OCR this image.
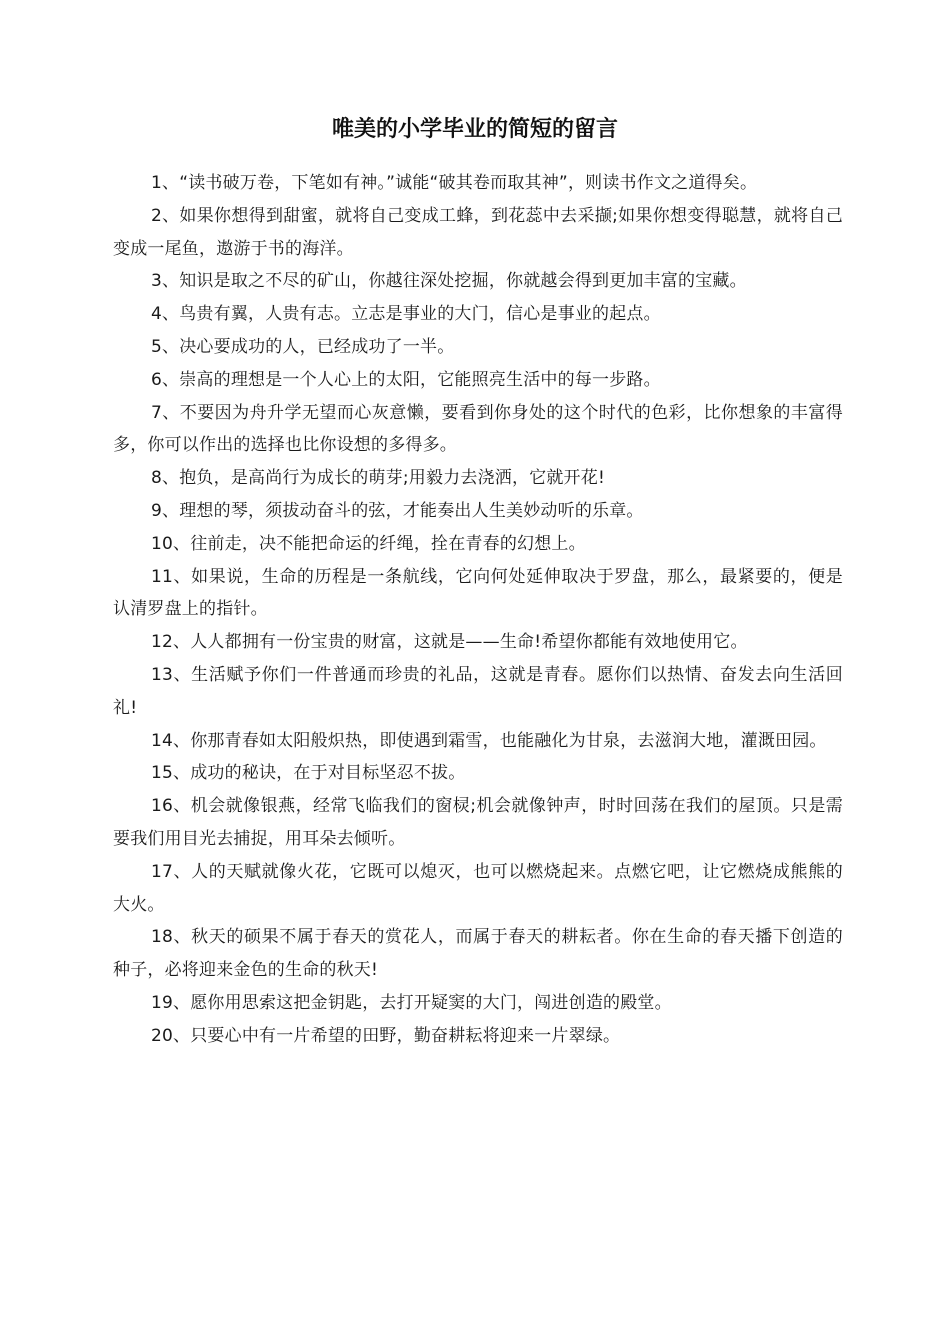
唯美的小学毕业的简短的留言

1、“读书破万卷，下笔如有神。”诚能“破其卷而取其神”，则读书作文之道得矣。

2、如果你想得到甜蜜，就将自己变成工蜂，到花蕊中去采撷;如果你想变得聪慧，就将自己变成一尾鱼，遨游于书的海洋。

3、知识是取之不尽的矿山，你越往深处挖掘，你就越会得到更加丰富的宝藏。

4、鸟贵有翼，人贵有志。立志是事业的大门，信心是事业的起点。

5、决心要成功的人，已经成功了一半。

6、崇高的理想是一个人心上的太阳，它能照亮生活中的每一步路。

7、不要因为舟升学无望而心灰意懒，要看到你身处的这个时代的色彩，比你想象的丰富得多，你可以作出的选择也比你设想的多得多。

8、抱负，是高尚行为成长的萌芽;用毅力去浇洒，它就开花!

9、理想的琴，须拔动奋斗的弦，才能奏出人生美妙动听的乐章。

10、往前走，决不能把命运的纤绳，拴在青春的幻想上。

11、如果说，生命的历程是一条航线，它向何处延伸取决于罗盘，那么，最紧要的，便是认清罗盘上的指针。

12、人人都拥有一份宝贵的财富，这就是——生命!希望你都能有效地使用它。

13、生活赋予你们一件普通而珍贵的礼品，这就是青春。愿你们以热情、奋发去向生活回礼!

14、你那青春如太阳般炽热，即使遇到霜雪，也能融化为甘泉，去滋润大地，灌溉田园。

15、成功的秘诀，在于对目标坚忍不拔。

16、机会就像银燕，经常飞临我们的窗棂;机会就像钟声，时时回荡在我们的屋顶。只是需要我们用目光去捕捉，用耳朵去倾听。

17、人的天赋就像火花，它既可以熄灭，也可以燃烧起来。点燃它吧，让它燃烧成熊熊的大火。

18、秋天的硕果不属于春天的赏花人，而属于春天的耕耘者。你在生命的春天播下创造的种子，必将迎来金色的生命的秋天!

19、愿你用思索这把金钥匙，去打开疑窦的大门，闯进创造的殿堂。

20、只要心中有一片希望的田野，勤奋耕耘将迎来一片翠绿。
